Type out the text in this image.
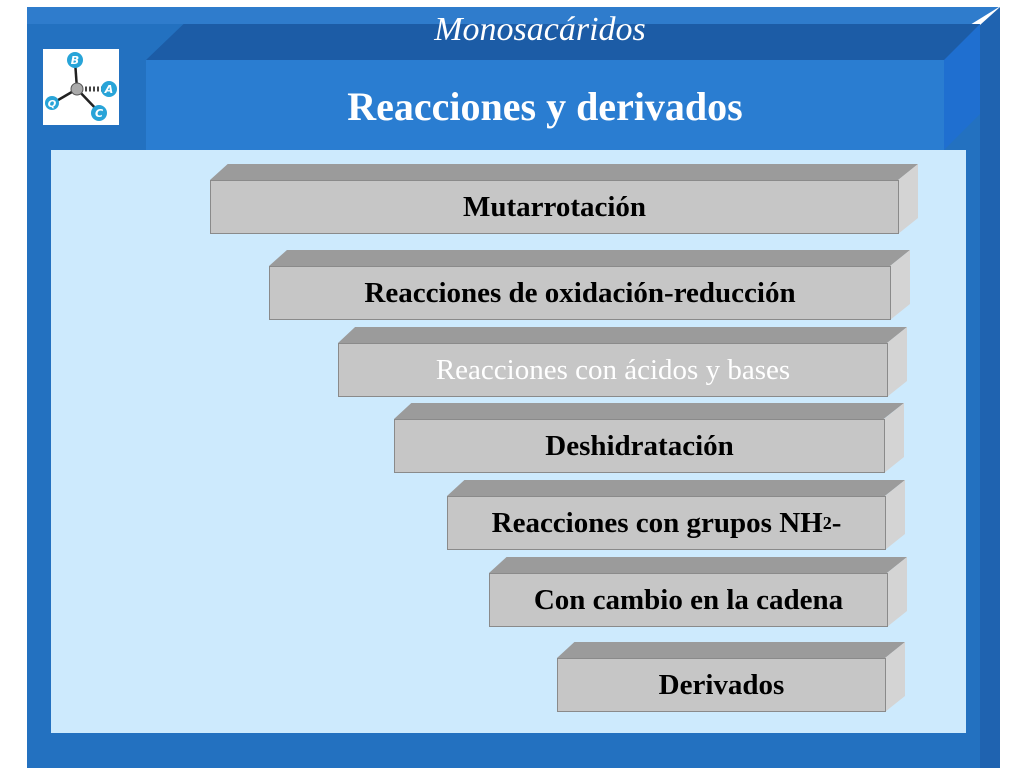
Monosacáridos
Reacciones y derivados
B
A
C
Q
Mutarrotación
Reacciones de oxidación-reducción
Reacciones con ácidos y bases
Deshidratación
Reacciones con grupos NH 2 -
Con cambio en la cadena
Derivados
